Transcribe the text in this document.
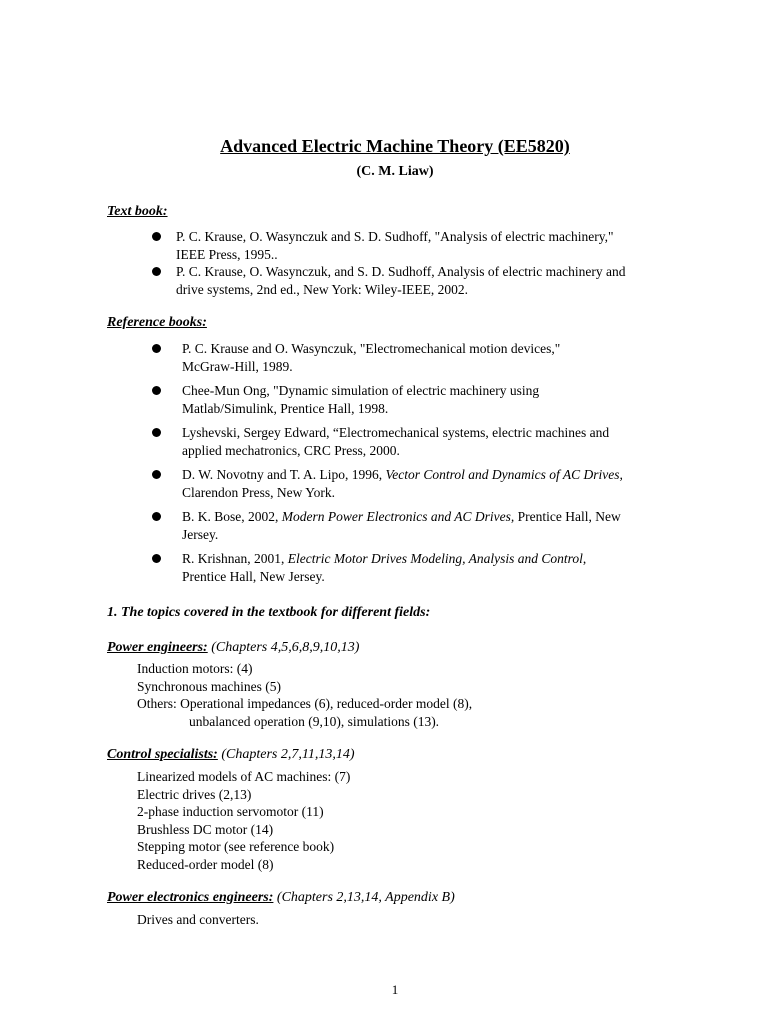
Advanced Electric Machine Theory (EE5820)
(C. M. Liaw)
Text book:
P. C. Krause, O. Wasynczuk and S. D. Sudhoff, "Analysis of electric machinery,"
IEEE Press, 1995..
P. C. Krause, O. Wasynczuk, and S. D. Sudhoff, Analysis of electric machinery and
drive systems, 2nd ed., New York: Wiley-IEEE, 2002.
Reference books:
P. C. Krause and O. Wasynczuk, "Electromechanical motion devices,"
McGraw-Hill, 1989.
Chee-Mun Ong, "Dynamic simulation of electric machinery using
Matlab/Simulink, Prentice Hall, 1998.
Lyshevski, Sergey Edward, “Electromechanical systems, electric machines and
applied mechatronics, CRC Press, 2000.
D. W. Novotny and T. A. Lipo, 1996, Vector Control and Dynamics of AC Drives,
Clarendon Press, New York.
B. K. Bose, 2002, Modern Power Electronics and AC Drives, Prentice Hall, New
Jersey.
R. Krishnan, 2001, Electric Motor Drives Modeling, Analysis and Control,
Prentice Hall, New Jersey.
1. The topics covered in the textbook for different fields:
Power engineers: (Chapters 4,5,6,8,9,10,13)
Induction motors: (4)
Synchronous machines (5)
Others: Operational impedances (6), reduced-order model (8),
unbalanced operation (9,10), simulations (13).
Control specialists: (Chapters 2,7,11,13,14)
Linearized models of AC machines: (7)
Electric drives (2,13)
2-phase induction servomotor (11)
Brushless DC motor (14)
Stepping motor (see reference book)
Reduced-order model (8)
Power electronics engineers: (Chapters 2,13,14, Appendix B)
Drives and converters.
1
